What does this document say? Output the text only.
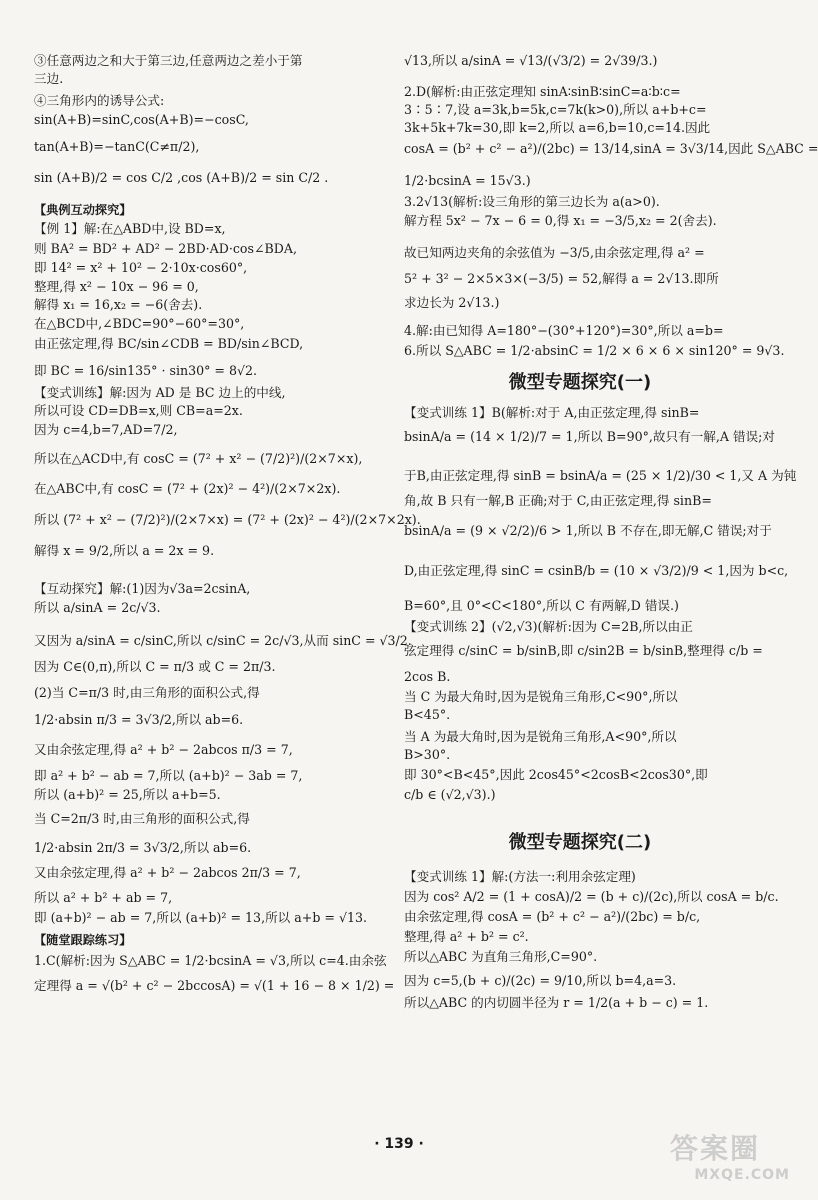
③任意两边之和大于第三边,任意两边之差小于第
三边.
④三角形内的诱导公式:
sin(A+B)=sinC,cos(A+B)=−cosC,
tan(A+B)=−tanC(C≠π/2),
sin (A+B)/2 = cos C/2 ,cos (A+B)/2 = sin C/2 .
【典例互动探究】
【例 1】解:在△ABD中,设 BD=x,
则 BA² = BD² + AD² − 2BD·AD·cos∠BDA,
即 14² = x² + 10² − 2·10x·cos60°,
整理,得 x² − 10x − 96 = 0,
解得 x₁ = 16,x₂ = −6(舍去).
在△BCD中,∠BDC=90°−60°=30°,
由正弦定理,得 BC/sin∠CDB = BD/sin∠BCD,
即 BC = 16/sin135° · sin30° = 8√2.
【变式训练】解:因为 AD 是 BC 边上的中线,
所以可设 CD=DB=x,则 CB=a=2x.
因为 c=4,b=7,AD=7/2,
所以在△ACD中,有 cosC = (7² + x² − (7/2)²)/(2×7×x),
在△ABC中,有 cosC = (7² + (2x)² − 4²)/(2×7×2x).
所以 (7² + x² − (7/2)²)/(2×7×x) = (7² + (2x)² − 4²)/(2×7×2x).
解得 x = 9/2,所以 a = 2x = 9.
【互动探究】解:(1)因为√3a=2csinA,
所以 a/sinA = 2c/√3.
又因为 a/sinA = c/sinC,所以 c/sinC = 2c/√3,从而 sinC = √3/2.
因为 C∈(0,π),所以 C = π/3 或 C = 2π/3.
(2)当 C=π/3 时,由三角形的面积公式,得
1/2·absin π/3 = 3√3/2,所以 ab=6.
又由余弦定理,得 a² + b² − 2abcos π/3 = 7,
即 a² + b² − ab = 7,所以 (a+b)² − 3ab = 7,
所以 (a+b)² = 25,所以 a+b=5.
当 C=2π/3 时,由三角形的面积公式,得
1/2·absin 2π/3 = 3√3/2,所以 ab=6.
又由余弦定理,得 a² + b² − 2abcos 2π/3 = 7,
所以 a² + b² + ab = 7,
即 (a+b)² − ab = 7,所以 (a+b)² = 13,所以 a+b = √13.
【随堂跟踪练习】
1.C(解析:因为 S△ABC = 1/2·bcsinA = √3,所以 c=4.由余弦
定理得 a = √(b² + c² − 2bccosA) = √(1 + 16 − 8 × 1/2) =
√13,所以 a/sinA = √13/(√3/2) = 2√39/3.)
2.D(解析:由正弦定理知 sinA∶sinB∶sinC=a∶b∶c=
3∶5∶7,设 a=3k,b=5k,c=7k(k>0),所以 a+b+c=
3k+5k+7k=30,即 k=2,所以 a=6,b=10,c=14.因此
cosA = (b² + c² − a²)/(2bc) = 13/14,sinA = 3√3/14,因此 S△ABC =
1/2·bcsinA = 15√3.)
3.2√13(解析:设三角形的第三边长为 a(a>0).
解方程 5x² − 7x − 6 = 0,得 x₁ = −3/5,x₂ = 2(舍去).
故已知两边夹角的余弦值为 −3/5,由余弦定理,得 a² =
5² + 3² − 2×5×3×(−3/5) = 52,解得 a = 2√13.即所
求边长为 2√13.)
4.解:由已知得 A=180°−(30°+120°)=30°,所以 a=b=
6.所以 S△ABC = 1/2·absinC = 1/2 × 6 × 6 × sin120° = 9√3.
微型专题探究(一)
【变式训练 1】B(解析:对于 A,由正弦定理,得 sinB=
bsinA/a = (14 × 1/2)/7 = 1,所以 B=90°,故只有一解,A 错误;对
于B,由正弦定理,得 sinB = bsinA/a = (25 × 1/2)/30 < 1,又 A 为钝
角,故 B 只有一解,B 正确;对于 C,由正弦定理,得 sinB=
bsinA/a = (9 × √2/2)/6 > 1,所以 B 不存在,即无解,C 错误;对于
D,由正弦定理,得 sinC = csinB/b = (10 × √3/2)/9 < 1,因为 b<c,
B=60°,且 0°<C<180°,所以 C 有两解,D 错误.)
【变式训练 2】(√2,√3)(解析:因为 C=2B,所以由正
弦定理得 c/sinC = b/sinB,即 c/sin2B = b/sinB,整理得 c/b =
2cos B.
当 C 为最大角时,因为是锐角三角形,C<90°,所以
B<45°.
当 A 为最大角时,因为是锐角三角形,A<90°,所以
B>30°.
即 30°<B<45°,因此 2cos45°<2cosB<2cos30°,即
c/b ∈ (√2,√3).)
微型专题探究(二)
【变式训练 1】解:(方法一:利用余弦定理)
因为 cos² A/2 = (1 + cosA)/2 = (b + c)/(2c),所以 cosA = b/c.
由余弦定理,得 cosA = (b² + c² − a²)/(2bc) = b/c,
整理,得 a² + b² = c².
所以△ABC 为直角三角形,C=90°.
因为 c=5,(b + c)/(2c) = 9/10,所以 b=4,a=3.
所以△ABC 的内切圆半径为 r = 1/2(a + b − c) = 1.
· 139 ·	答案圈
MXQE.COM
